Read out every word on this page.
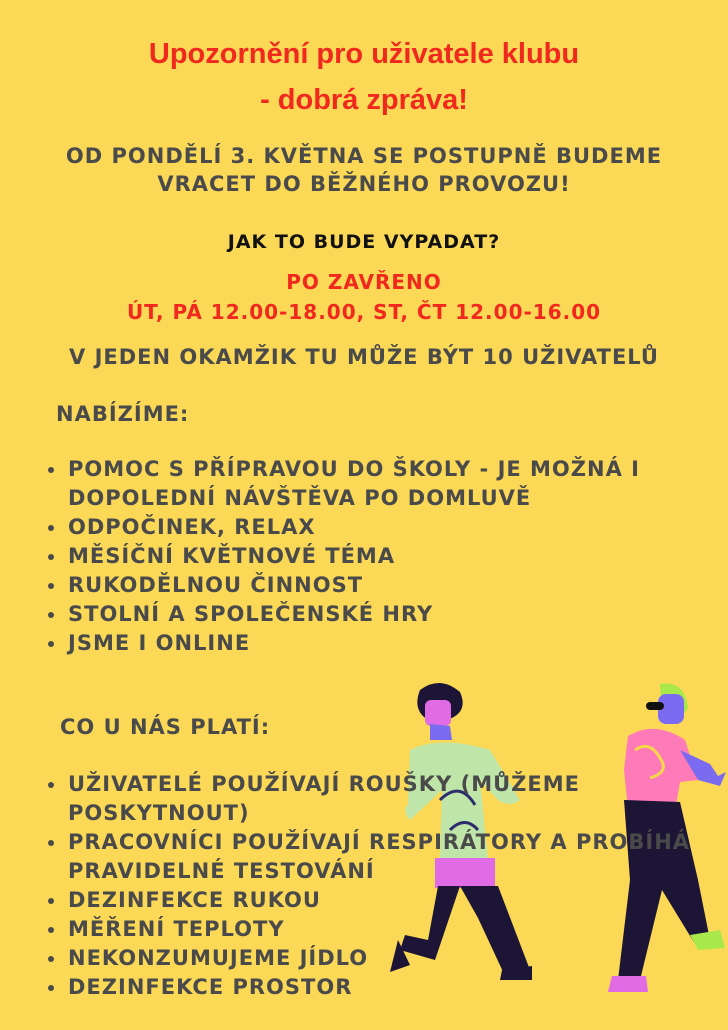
Upozornění pro uživatele klubu
- dobrá zpráva!
OD PONDĚLÍ 3. KVĚTNA SE POSTUPNĚ BUDEME
VRACET DO BĚŽNÉHO PROVOZU!
JAK TO BUDE VYPADAT?
PO ZAVŘENO
ÚT, PÁ 12.00-18.00, ST, ČT 12.00-16.00
V JEDEN OKAMŽIK TU MŮŽE BÝT 10 UŽIVATELŮ
NABÍZÍME:
POMOC S PŘÍPRAVOU DO ŠKOLY - JE MOŽNÁ I DOPOLEDNÍ NÁVŠTĚVA PO DOMLUVĚ
ODPOČINEK, RELAX
MĚSÍČNÍ KVĚTNOVÉ TÉMA
RUKODĚLNOU ČINNOST
STOLNÍ A SPOLEČENSKÉ HRY
JSME I ONLINE
CO U NÁS PLATÍ:
UŽIVATELÉ POUŽÍVAJÍ ROUŠKY (MŮŽEME POSKYTNOUT)
PRACOVNÍCI POUŽÍVAJÍ RESPIRÁTORY A PROBÍHÁ PRAVIDELNÉ TESTOVÁNÍ
DEZINFEKCE RUKOU
MĚŘENÍ TEPLOTY
NEKONZUMUJEME JÍDLO
DEZINFEKCE PROSTOR
